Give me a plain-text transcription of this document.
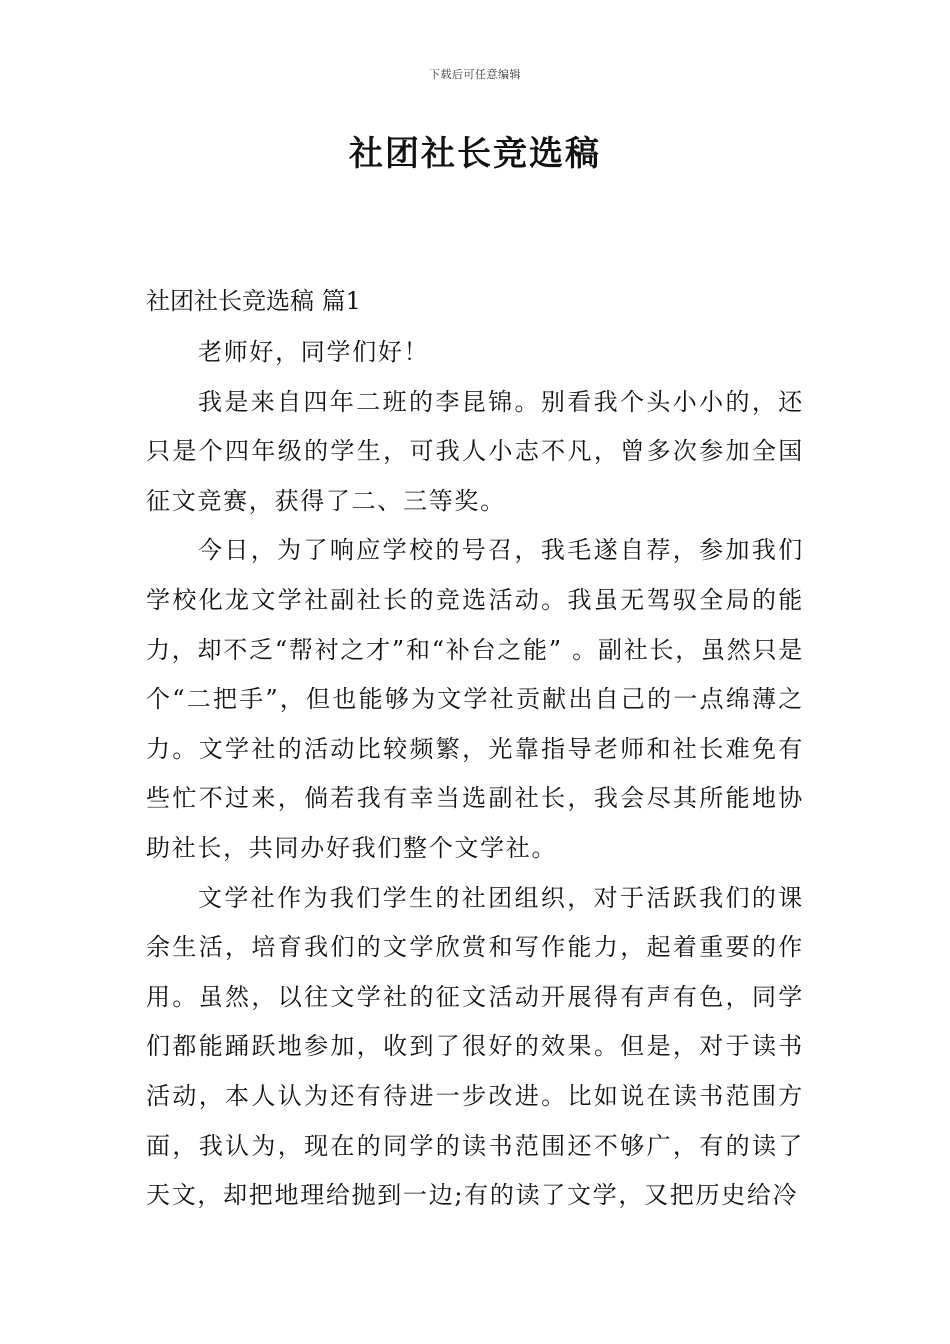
下载后可任意编辑
社团社长竞选稿
社团社长竞选稿 篇1

老师好，同学们好！

我是来自四年二班的李昆锦。别看我个头小小的，还只是个四年级的学生，可我人小志不凡，曾多次参加全国征文竞赛，获得了二、三等奖。

今日，为了响应学校的号召，我毛遂自荐，参加我们学校化龙文学社副社长的竞选活动。我虽无驾驭全局的能力，却不乏“帮衬之才”和“补台之能” 。副社长，虽然只是个“二把手”，但也能够为文学社贡献出自己的一点绵薄之力。文学社的活动比较频繁，光靠指导老师和社长难免有些忙不过来，倘若我有幸当选副社长，我会尽其所能地协助社长，共同办好我们整个文学社。

文学社作为我们学生的社团组织，对于活跃我们的课余生活，培育我们的文学欣赏和写作能力，起着重要的作用。虽然，以往文学社的征文活动开展得有声有色，同学们都能踊跃地参加，收到了很好的效果。但是，对于读书活动，本人认为还有待进一步改进。比如说在读书范围方面，我认为，现在的同学的读书范围还不够广，有的读了天文，却把地理给抛到一边;有的读了文学，又把历史给冷
